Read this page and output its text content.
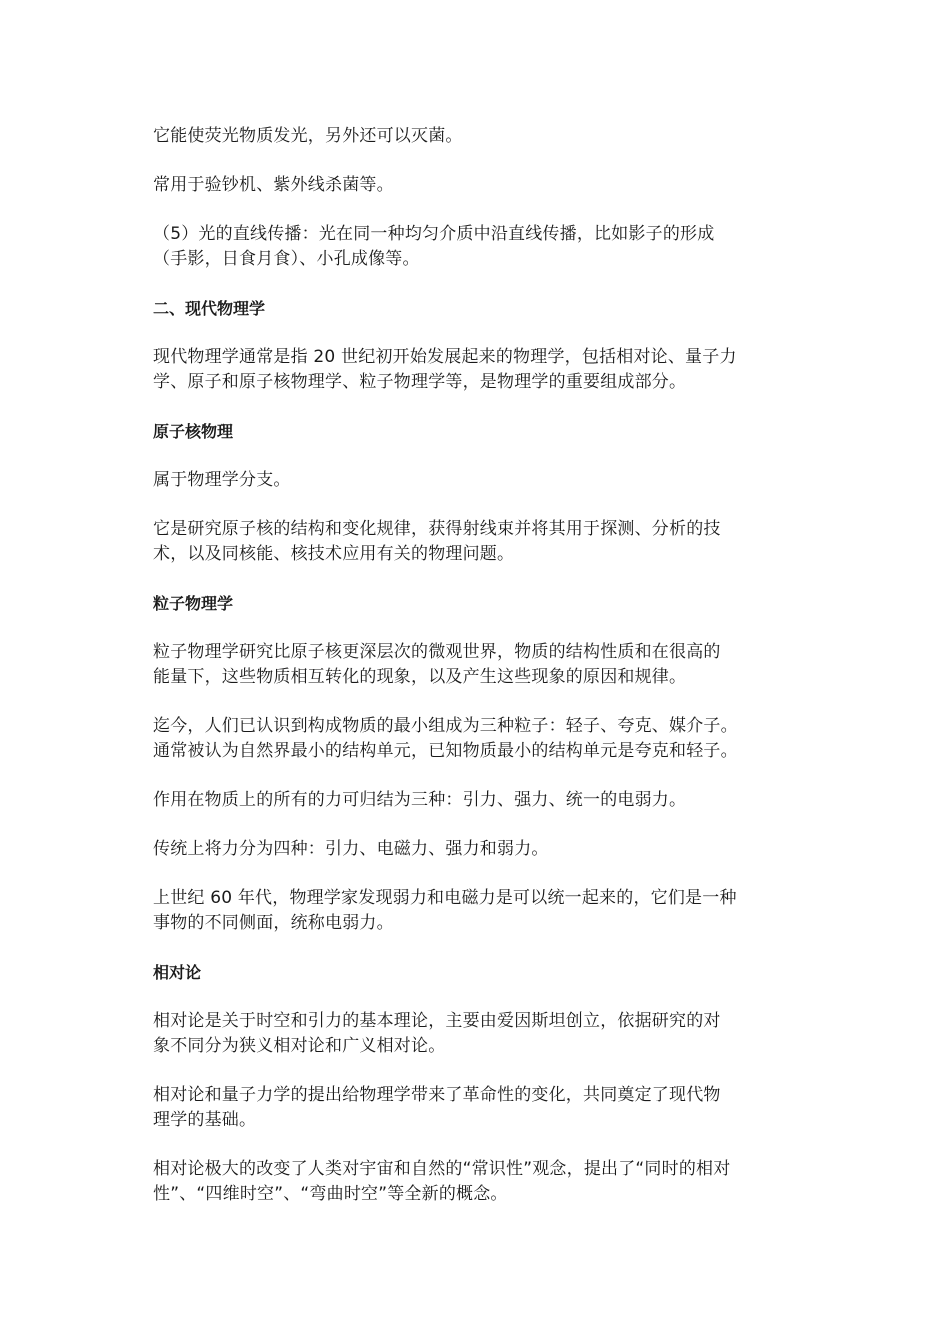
它能使荧光物质发光，另外还可以灭菌。

常用于验钞机、紫外线杀菌等。

（5）光的直线传播：光在同一种均匀介质中沿直线传播，比如影子的形成
（手影，日食月食）、小孔成像等。

二、现代物理学

现代物理学通常是指 20 世纪初开始发展起来的物理学，包括相对论、量子力
学、原子和原子核物理学、粒子物理学等，是物理学的重要组成部分。

原子核物理

属于物理学分支。

它是研究原子核的结构和变化规律，获得射线束并将其用于探测、分析的技
术，以及同核能、核技术应用有关的物理问题。

粒子物理学

粒子物理学研究比原子核更深层次的微观世界，物质的结构性质和在很高的
能量下，这些物质相互转化的现象，以及产生这些现象的原因和规律。

迄今，人们已认识到构成物质的最小组成为三种粒子：轻子、夸克、媒介子。
通常被认为自然界最小的结构单元，已知物质最小的结构单元是夸克和轻子。

作用在物质上的所有的力可归结为三种：引力、强力、统一的电弱力。

传统上将力分为四种：引力、电磁力、强力和弱力。

上世纪 60 年代，物理学家发现弱力和电磁力是可以统一起来的，它们是一种
事物的不同侧面，统称电弱力。

相对论

相对论是关于时空和引力的基本理论，主要由爱因斯坦创立，依据研究的对
象不同分为狭义相对论和广义相对论。

相对论和量子力学的提出给物理学带来了革命性的变化，共同奠定了现代物
理学的基础。

相对论极大的改变了人类对宇宙和自然的“常识性”观念，提出了“同时的相对
性”、“四维时空”、“弯曲时空”等全新的概念。
